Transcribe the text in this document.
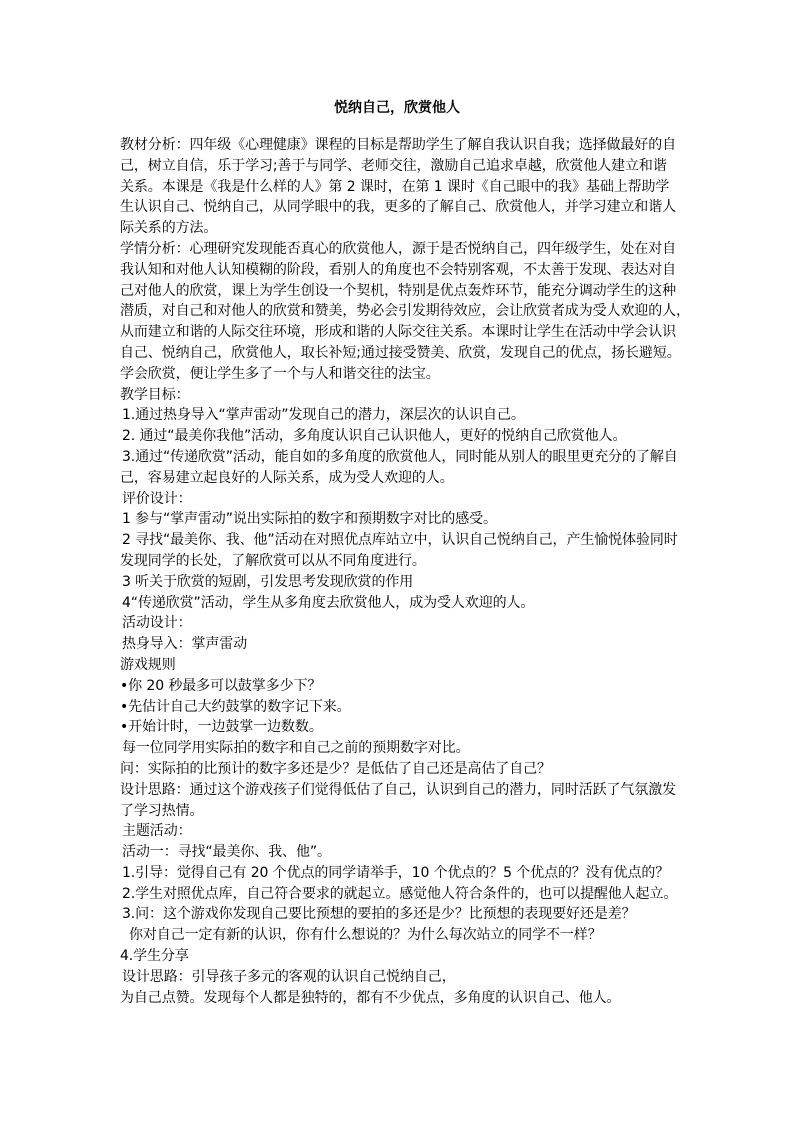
悦纳自己，欣赏他人
教材分析：四年级《心理健康》课程的目标是帮助学生了解自我认识自我；选择做最好的自
己，树立自信，乐于学习;善于与同学、老师交往，激励自己追求卓越，欣赏他人建立和谐
关系。本课是《我是什么样的人》第 2 课时，在第 1 课时《自己眼中的我》基础上帮助学
生认识自己、悦纳自己，从同学眼中的我，更多的了解自己、欣赏他人，并学习建立和谐人
际关系的方法。
学情分析：心理研究发现能否真心的欣赏他人，源于是否悦纳自己，四年级学生，处在对自
我认知和对他人认知模糊的阶段，看别人的角度也不会特别客观，不太善于发现、表达对自
己对他人的欣赏，课上为学生创设一个契机，特别是优点轰炸环节，能充分调动学生的这种
潜质，对自己和对他人的欣赏和赞美，势必会引发期待效应，会让欣赏者成为受人欢迎的人，
从而建立和谐的人际交往环境，形成和谐的人际交往关系。本课时让学生在活动中学会认识
自己、悦纳自己，欣赏他人，取长补短;通过接受赞美、欣赏，发现自己的优点，扬长避短。
学会欣赏，便让学生多了一个与人和谐交往的法宝。
教学目标：
1.通过热身导入“掌声雷动”发现自己的潜力，深层次的认识自己。
2. 通过“最美你我他”活动，多角度认识自己认识他人，更好的悦纳自己欣赏他人。
3.通过“传递欣赏”活动，能自如的多角度的欣赏他人，同时能从别人的眼里更充分的了解自
己，容易建立起良好的人际关系，成为受人欢迎的人。
评价设计：
1 参与“掌声雷动”说出实际拍的数字和预期数字对比的感受。
2 寻找“最美你、我、他”活动在对照优点库站立中，认识自己悦纳自己，产生愉悦体验同时
发现同学的长处，了解欣赏可以从不同角度进行。
3 听关于欣赏的短剧，引发思考发现欣赏的作用
4“传递欣赏”活动，学生从多角度去欣赏他人，成为受人欢迎的人。
活动设计：
热身导入：掌声雷动
游戏规则
•你 20 秒最多可以鼓掌多少下？
•先估计自己大约鼓掌的数字记下来。
•开始计时，一边鼓掌一边数数。
每一位同学用实际拍的数字和自己之前的预期数字对比。
问：实际拍的比预计的数字多还是少？是低估了自己还是高估了自己？
设计思路：通过这个游戏孩子们觉得低估了自己，认识到自己的潜力，同时活跃了气氛激发
了学习热情。
主题活动：
活动一：寻找“最美你、我、他”。
1.引导：觉得自己有 20 个优点的同学请举手，10 个优点的？5 个优点的？没有优点的？
2.学生对照优点库，自己符合要求的就起立。感觉他人符合条件的，也可以提醒他人起立。
3.问：这个游戏你发现自己要比预想的要拍的多还是少？比预想的表现要好还是差？
你对自己一定有新的认识，你有什么想说的？为什么每次站立的同学不一样？
4.学生分享
设计思路：引导孩子多元的客观的认识自己悦纳自己，
为自己点赞。发现每个人都是独特的，都有不少优点，多角度的认识自己、他人。
